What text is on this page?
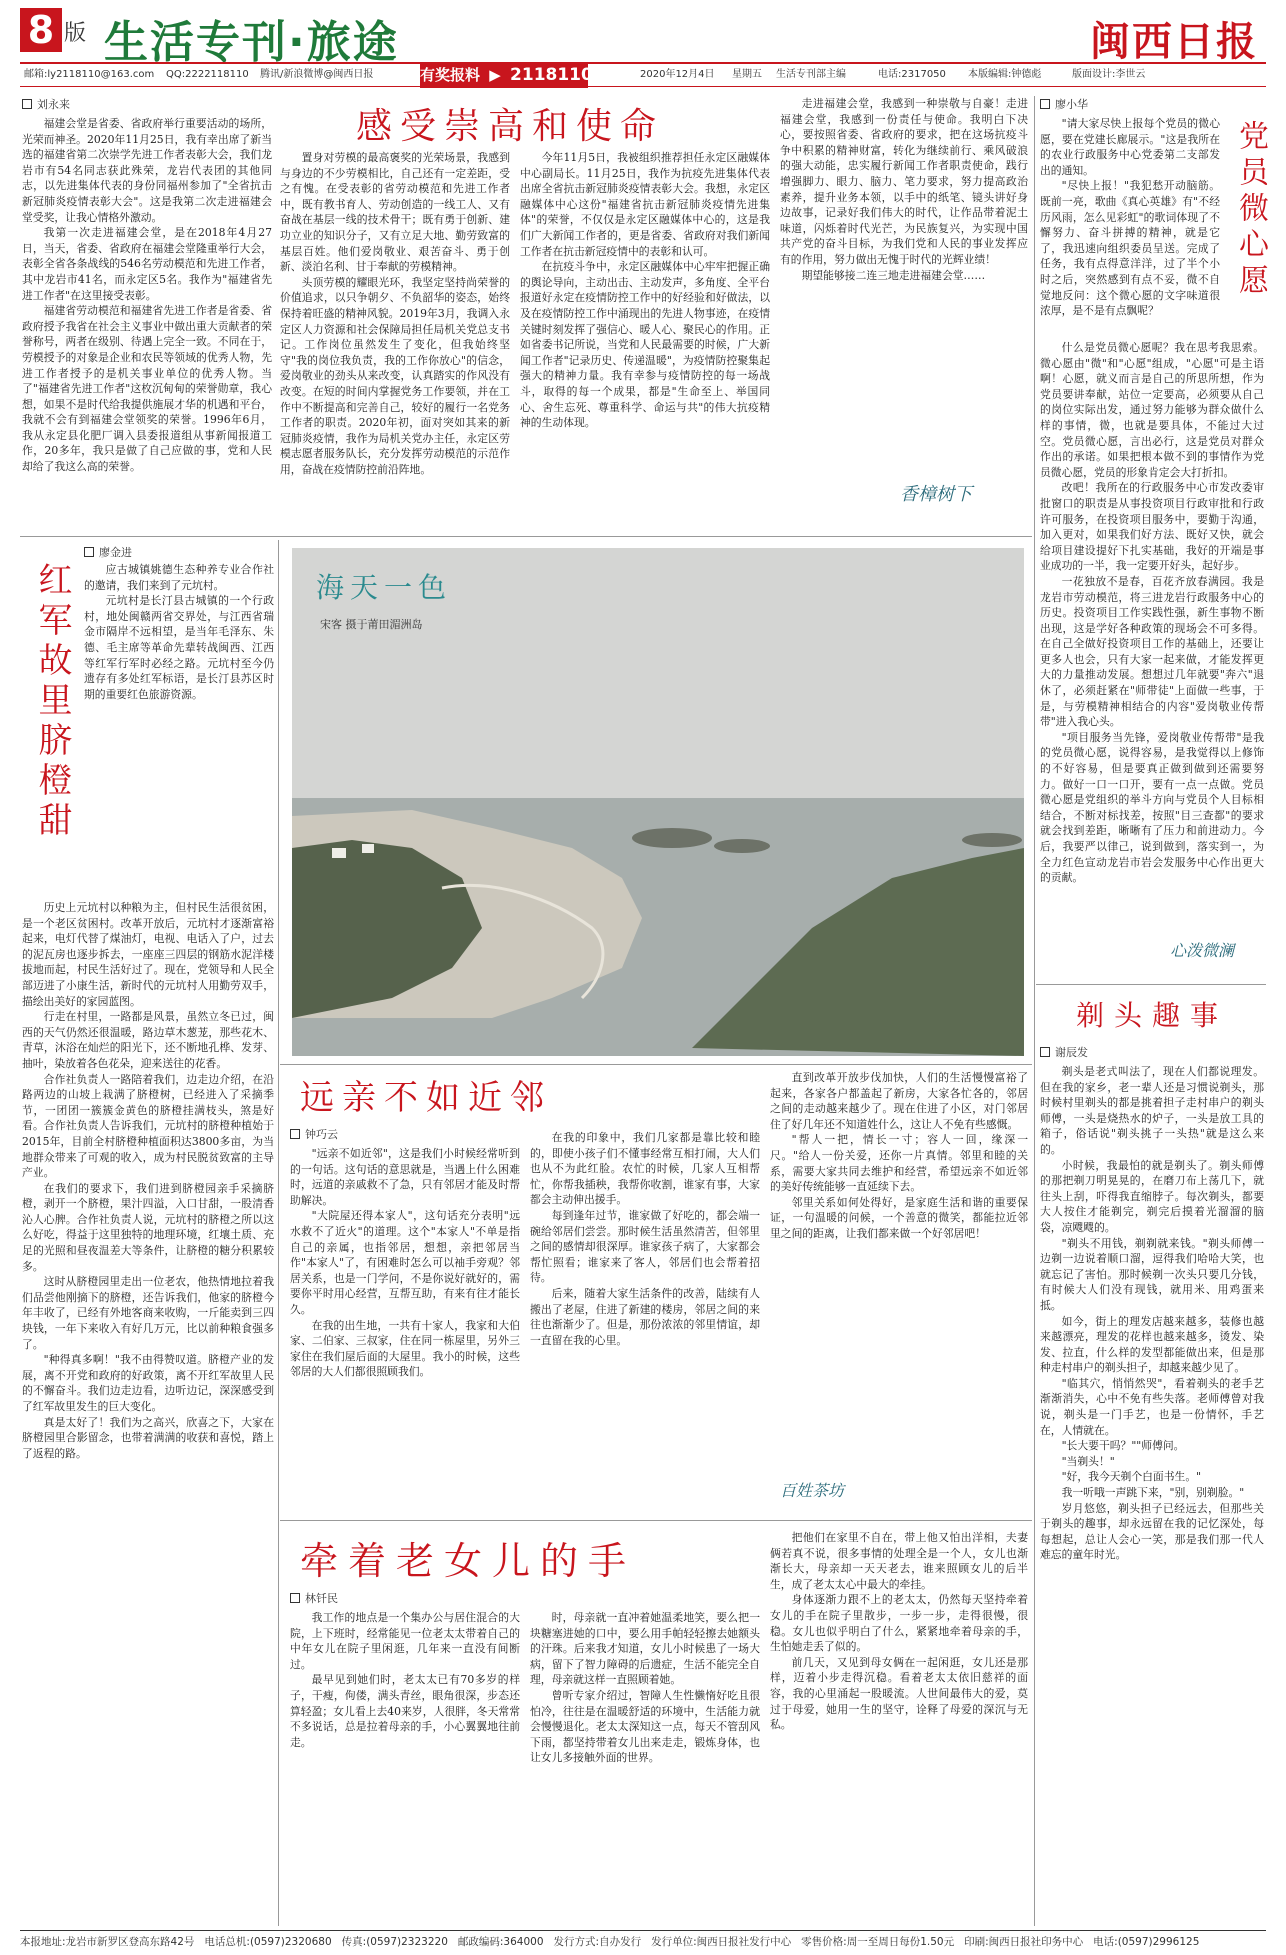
8 版 生活专刊·旅途	闽西日报
邮箱:ly2118110@163.com QQ:2222118110 腾讯/新浪微博@闽西日报	有奖报料 ▶ 2118110	2020年12月4日 星期五 生活专刊部主编	电话:2317050 本版编辑:钟德彪	版面设计:李世云
刘永来
感受崇高和使命

福建会堂是省委、省政府举行重要活动的场所，光荣而神圣。2020年11月25日，我有幸出席了新当选的福建省第二次崇学先进工作者表彰大会，我们龙岩市有54名同志获此殊荣，龙岩代表团的其他同志，以先进集体代表的身份同福州参加了"全省抗击新冠肺炎疫情表彰大会"。这是我第二次走进福建会堂受奖，让我心情格外激动。

我第一次走进福建会堂，是在2018年4月27日，当天，省委、省政府在福建会堂隆重举行大会，表彰全省各条战线的546名劳动模范和先进工作者，其中龙岩市41名，而永定区5名。我作为"福建省先进工作者"在这里接受表彰。

福建省劳动模范和福建省先进工作者是省委、省政府授予我省在社会主义事业中做出重大贡献者的荣誉称号，两者在级别、待遇上完全一致。不同在于，劳模授予的对象是企业和农民等领域的优秀人物，先进工作者授予的是机关事业单位的优秀人物。当了"福建省先进工作者"这枚沉甸甸的荣誉勋章，我心想，如果不是时代给我提供施展才华的机遇和平台，我就不会有到福建会堂领奖的荣誉。1996年6月，我从永定县化肥厂调入县委报道组从事新闻报道工作，20多年，我只是做了自己应做的事，党和人民却给了我这么高的荣誉。

置身对劳模的最高褒奖的光荣场景，我感到与身边的不少劳模相比，自己还有一定差距，受之有愧。在受表彰的省劳动模范和先进工作者中，既有教书育人、劳动创造的一线工人、又有奋战在基层一线的技术骨干；既有勇于创新、建功立业的知识分子，又有立足大地、勤劳致富的基层百姓。他们爱岗敬业、艰苦奋斗、勇于创新、淡泊名利、甘于奉献的劳模精神。

头顶劳模的耀眼光环，我坚定坚持尚荣誉的价值追求，以只争朝夕、不负韶华的姿态，始终保持着旺盛的精神风貌。2019年3月，我调入永定区人力资源和社会保障局担任局机关党总支书记。工作岗位虽然发生了变化，但我始终坚守"我的岗位我负责，我的工作你放心"的信念，爱岗敬业的劲头从来改变，认真踏实的作风没有改变。在短的时间内掌握党务工作要领，并在工作中不断提高和完善自己，较好的履行一名党务工作者的职责。2020年初，面对突如其来的新冠肺炎疫情，我作为局机关党办主任，永定区劳模志愿者服务队长，充分发挥劳动模范的示范作用，奋战在疫情防控前沿阵地。

今年11月5日，我被组织推荐担任永定区融媒体中心副局长。11月25日，我作为抗疫先进集体代表出席全省抗击新冠肺炎疫情表彰大会。我想，永定区融媒体中心这份"福建省抗击新冠肺炎疫情先进集体"的荣誉，不仅仅是永定区融媒体中心的，这是我们广大新闻工作者的，更是省委、省政府对我们新闻工作者在抗击新冠疫情中的表彰和认可。

在抗疫斗争中，永定区融媒体中心牢牢把握正确的舆论导向，主动出击、主动发声，多角度、全平台报道好永定在疫情防控工作中的好经验和好做法，以及在疫情防控工作中涌现出的先进人物事迹，在疫情关键时刻发挥了强信心、暖人心、聚民心的作用。正如省委书记所说，当党和人民最需要的时候，广大新闻工作者"记录历史、传递温暖"，为疫情防控聚集起强大的精神力量。我有幸参与疫情防控的每一场战斗，取得的每一个成果，都是"生命至上、举国同心、舍生忘死、尊重科学、命运与共"的伟大抗疫精神的生动体现。

走进福建会堂，我感到一种崇敬与自豪！走进福建会堂，我感到一份责任与使命。我明白下决心，要按照省委、省政府的要求，把在这场抗疫斗争中积累的精神财富，转化为继续前行、乘风破浪的强大动能，忠实履行新闻工作者职责使命，践行增强脚力、眼力、脑力、笔力要求，努力提高政治素养，提升业务本领，以手中的纸笔、镜头讲好身边故事，记录好我们伟大的时代，让作品带着泥土味道，闪烁着时代光芒，为民族复兴，为实现中国共产党的奋斗目标，为我们党和人民的事业发挥应有的作用，努力做出无愧于时代的光辉业绩！

期望能够接二连三地走进福建会堂……

香樟树下
廖小华
党员微心愿

"请大家尽快上报每个党员的微心愿，要在党建长廊展示。"这是我所在的农业行政服务中心党委第二支部发出的通知。

"尽快上报！"我犯愁开动脑筋。既前一亮，歌曲《真心英雄》有"不经历风雨，怎么见彩虹"的歌词体现了不懈努力、奋斗拼搏的精神，就是它了，我迅速向组织委员呈送。完成了任务，我有点得意洋洋，过了半个小时之后，突然感到有点不妥，微不自觉地反问：这个微心愿的文字味道很浓厚，是不是有点飘呢？

什么是党员微心愿呢？我在思考我思索。微心愿由"微"和"心愿"组成，"心愿"可是主语啊！心愿，就义而言是自己的所思所想，作为党员要讲奉献，站位一定要高，必须要从自己的岗位实际出发，通过努力能够为群众做什么样的事情，微，也就是要具体，不能过大过空。党员微心愿，言出必行，这是党员对群众作出的承诺。如果把根本做不到的事情作为党员微心愿，党员的形象肯定会大打折扣。

改吧！我所在的行政服务中心市发改委审批窗口的职责是从事投资项目行政审批和行政许可服务，在投资项目服务中，要勤于沟通，加入更对，如果我们好方法、既好又快，就会给项目建设提好下扎实基础，我好的开端是事业成功的一半，我一定要开好头，起好步。

一花独放不是春，百花齐放春满园。我是龙岩市劳动模范，将三进龙岩行政服务中心的历史。投资项目工作实践性强，新生事物不断出现，这是学好各种政策的现场会不可多得。在自己全做好投资项目工作的基础上，还要让更多人也会，只有大家一起来做，才能发挥更大的力量推动发展。想想过几年就要"奔六"退休了，必须赶紧在"师带徒"上面做一些事，于是，与劳模精神相结合的内容"爱岗敬业传帮带"进入我心头。

"项目服务当先锋，爱岗敬业传帮带"是我的党员微心愿，说得容易，是我觉得以上修饰的不好容易，但是要真正做到做到还需要努力。做好一口一口开，要有一点一点做。党员微心愿是党组织的举斗方向与党员个人目标相结合，不断对标找差，按照"目三查都"的要求就会找到差距，晰晰有了压力和前进动力。今后，我要严以律己，说到做到，落实到一，为全力红色宣动龙岩市岩会发服务中心作出更大的贡献。

心泼微澜
廖金进
红军故里脐橙甜	应古城镇姚德生态种养专业合作社的邀请，我们来到了元坑村。

元坑村是长汀县古城镇的一个行政村，地处闽赣两省交界处，与江西省瑞金市隔岸不远相望，是当年毛泽东、朱德、毛主席等革命先辈转战闽西、江西等红军行军时必经之路。元坑村至今仍遗存有多处红军标语，是长汀县苏区时期的重要红色旅游资源。

历史上元坑村以种粮为主，但村民生活很贫困，是一个老区贫困村。改革开放后，元坑村才逐渐富裕起来，电灯代替了煤油灯，电视、电话入了户，过去的泥瓦房也逐步拆去，一座座三四层的钢筋水泥洋楼拔地而起，村民生活好过了。现在，党领导和人民全部迈进了小康生活，新时代的元坑村人用勤劳双手，描绘出美好的家园蓝图。

行走在村里，一路都是风景，虽然立冬已过，闽西的天气仍然还很温暖，路边草木葱茏，那些花木、青草，沐浴在灿烂的阳光下，还不断地孔桦、发芽、抽叶，染放着各色花朵，迎来送往的花香。

合作社负责人一路陪着我们，边走边介绍，在沿路两边的山坡上栽满了脐橙树，已经进入了采摘季节，一团团一簇簇金黄色的脐橙挂满枝头，煞是好看。合作社负责人告诉我们，元坑村的脐橙种植始于2015年，目前全村脐橙种植面积达3800多亩，为当地群众带来了可观的收入，成为村民脱贫致富的主导产业。

在我们的要求下，我们进到脐橙园亲手采摘脐橙，剥开一个脐橙，果汁四溢，入口甘甜，一股清香沁人心脾。合作社负责人说，元坑村的脐橙之所以这么好吃，得益于这里独特的地理环境，红壤土质、充足的光照和昼夜温差大等条件，让脐橙的糖分积累较多。

这时从脐橙园里走出一位老农，他热情地拉着我们品尝他刚摘下的脐橙，还告诉我们，他家的脐橙今年丰收了，已经有外地客商来收购，一斤能卖到三四块钱，一年下来收入有好几万元，比以前种粮食强多了。

"种得真多啊！"我不由得赞叹道。脐橙产业的发展，离不开党和政府的好政策，离不开红军故里人民的不懈奋斗。我们边走边看，边听边记，深深感受到了红军故里发生的巨大变化。

真是太好了！我们为之高兴，欣喜之下，大家在脐橙园里合影留念，也带着满满的收获和喜悦，踏上了返程的路。

海天一色
宋客 摄于莆田湄洲岛
远亲不如近邻
钟巧云

"远亲不如近邻"，这是我们小时候经常听到的一句话。这句话的意思就是，当遇上什么困难时，远道的亲戚救不了急，只有邻居才能及时帮助解决。

"大院屋还得本家人"，这句话充分表明"远水救不了近火"的道理。这个"本家人"不单是指自己的亲属，也指邻居，想想，亲把邻居当作"本家人"了，有困难时怎么可以袖手旁观？邻居关系，也是一门学问，不是你说好就好的，需要你平时用心经营，互帮互助，有来有往才能长久。

在我的出生地，一共有十家人，我家和大伯家、二伯家、三叔家，住在同一栋屋里，另外三家住在我们屋后面的大屋里。我小的时候，这些邻居的大人们都很照顾我们。

在我的印象中，我们几家都是靠比较和睦的，即使小孩子们不懂事经常互相打闹，大人们也从不为此红脸。农忙的时候，几家人互相帮忙，你帮我插秧，我帮你收割，谁家有事，大家都会主动伸出援手。

每到逢年过节，谁家做了好吃的，都会端一碗给邻居们尝尝。那时候生活虽然清苦，但邻里之间的感情却很深厚。谁家孩子病了，大家都会帮忙照看；谁家来了客人，邻居们也会帮着招待。

后来，随着大家生活条件的改善，陆续有人搬出了老屋，住进了新建的楼房，邻居之间的来往也渐渐少了。但是，那份浓浓的邻里情谊，却一直留在我的心里。

直到改革开放步伐加快，人们的生活慢慢富裕了起来，各家各户都盖起了新房，大家各忙各的，邻居之间的走动越来越少了。现在住进了小区，对门邻居住了好几年还不知道姓什么，这让人不免有些感慨。

"帮人一把，情长一寸；容人一回，缘深一尺。"给人一份关爱，还你一片真情。邻里和睦的关系，需要大家共同去维护和经营，希望远亲不如近邻的美好传统能够一直延续下去。

邻里关系如何处得好，是家庭生活和谐的重要保证，一句温暖的问候，一个善意的微笑，都能拉近邻里之间的距离，让我们都来做一个好邻居吧！

百姓茶坊
剃头趣事
谢辰发

剃头是老式叫法了，现在人们都说理发。但在我的家乡，老一辈人还是习惯说剃头，那时候村里剃头的都是挑着担子走村串户的剃头师傅，一头是烧热水的炉子，一头是放工具的箱子，俗话说"剃头挑子一头热"就是这么来的。

小时候，我最怕的就是剃头了。剃头师傅的那把剃刀明晃晃的，在磨刀布上荡几下，就往头上刮，吓得我直缩脖子。每次剃头，都要大人按住才能剃完，剃完后摸着光溜溜的脑袋，凉飕飕的。

"剃头不用钱，剃剃就来钱。"剃头师傅一边剃一边说着顺口溜，逗得我们哈哈大笑，也就忘记了害怕。那时候剃一次头只要几分钱，有时候大人们没有现钱，就用米、用鸡蛋来抵。

如今，街上的理发店越来越多，装修也越来越漂亮，理发的花样也越来越多，烫发、染发、拉直，什么样的发型都能做出来，但是那种走村串户的剃头担子，却越来越少见了。

"临其穴，悄悄然哭"，看着剃头的老手艺渐渐消失，心中不免有些失落。老师傅曾对我说，剃头是一门手艺，也是一份情怀，手艺在，人情就在。

"长大要干吗？""师傅问。

"当剃头！"

"好，我今天剃个白面书生。"

我一听哦一声跳下来，"别，别剃脸。"

岁月悠悠，剃头担子已经远去，但那些关于剃头的趣事，却永远留在我的记忆深处，每每想起，总让人会心一笑，那是我们那一代人难忘的童年时光。

牵着老女儿的手
林钎民

我工作的地点是一个集办公与居住混合的大院，上下班时，经常能见一位老太太带着自己的中年女儿在院子里闲逛，几年来一直没有间断过。

最早见到她们时，老太太已有70多岁的样子，干瘦，佝偻，满头青丝，眼角很深，步态还算轻盈；女儿看上去40来岁，人很胖，冬天常常不多说话，总是拉着母亲的手，小心翼翼地往前走。

时，母亲就一直冲着她温柔地笑，要么把一块糖塞进她的口中，要么用手帕轻轻擦去她额头的汗珠。后来我才知道，女儿小时候患了一场大病，留下了智力障碍的后遗症，生活不能完全自理，母亲就这样一直照顾着她。

曾听专家介绍过，智障人生性懒惰好吃且很怕冷，往往是在温暖舒适的环境中，生活能力就会慢慢退化。老太太深知这一点，每天不管刮风下雨，都坚持带着女儿出来走走，锻炼身体，也让女儿多接触外面的世界。

把他们在家里不自在，带上他又怕出洋相，夫妻俩若真不说，很多事情的处理全是一个人，女儿也渐渐长大，母亲却一天天老去，谁来照顾女儿的后半生，成了老太太心中最大的牵挂。

身体逐渐力跟不上的老太太，仍然每天坚持牵着女儿的手在院子里散步，一步一步，走得很慢，很稳。女儿也似乎明白了什么，紧紧地牵着母亲的手，生怕她走丢了似的。

前几天，又见到母女俩在一起闲逛，女儿还是那样，迈着小步走得沉稳。看着老太太依旧慈祥的面容，我的心里涌起一股暖流。人世间最伟大的爱，莫过于母爱，她用一生的坚守，诠释了母爱的深沉与无私。

本报地址:龙岩市新罗区登高东路42号 电话总机:(0597)2320680 传真:(0597)2323220 邮政编码:364000 发行方式:自办发行 发行单位:闽西日报社发行中心 零售价格:周一至周日每份1.50元 印刷:闽西日报社印务中心 电话:(0597)2996125
